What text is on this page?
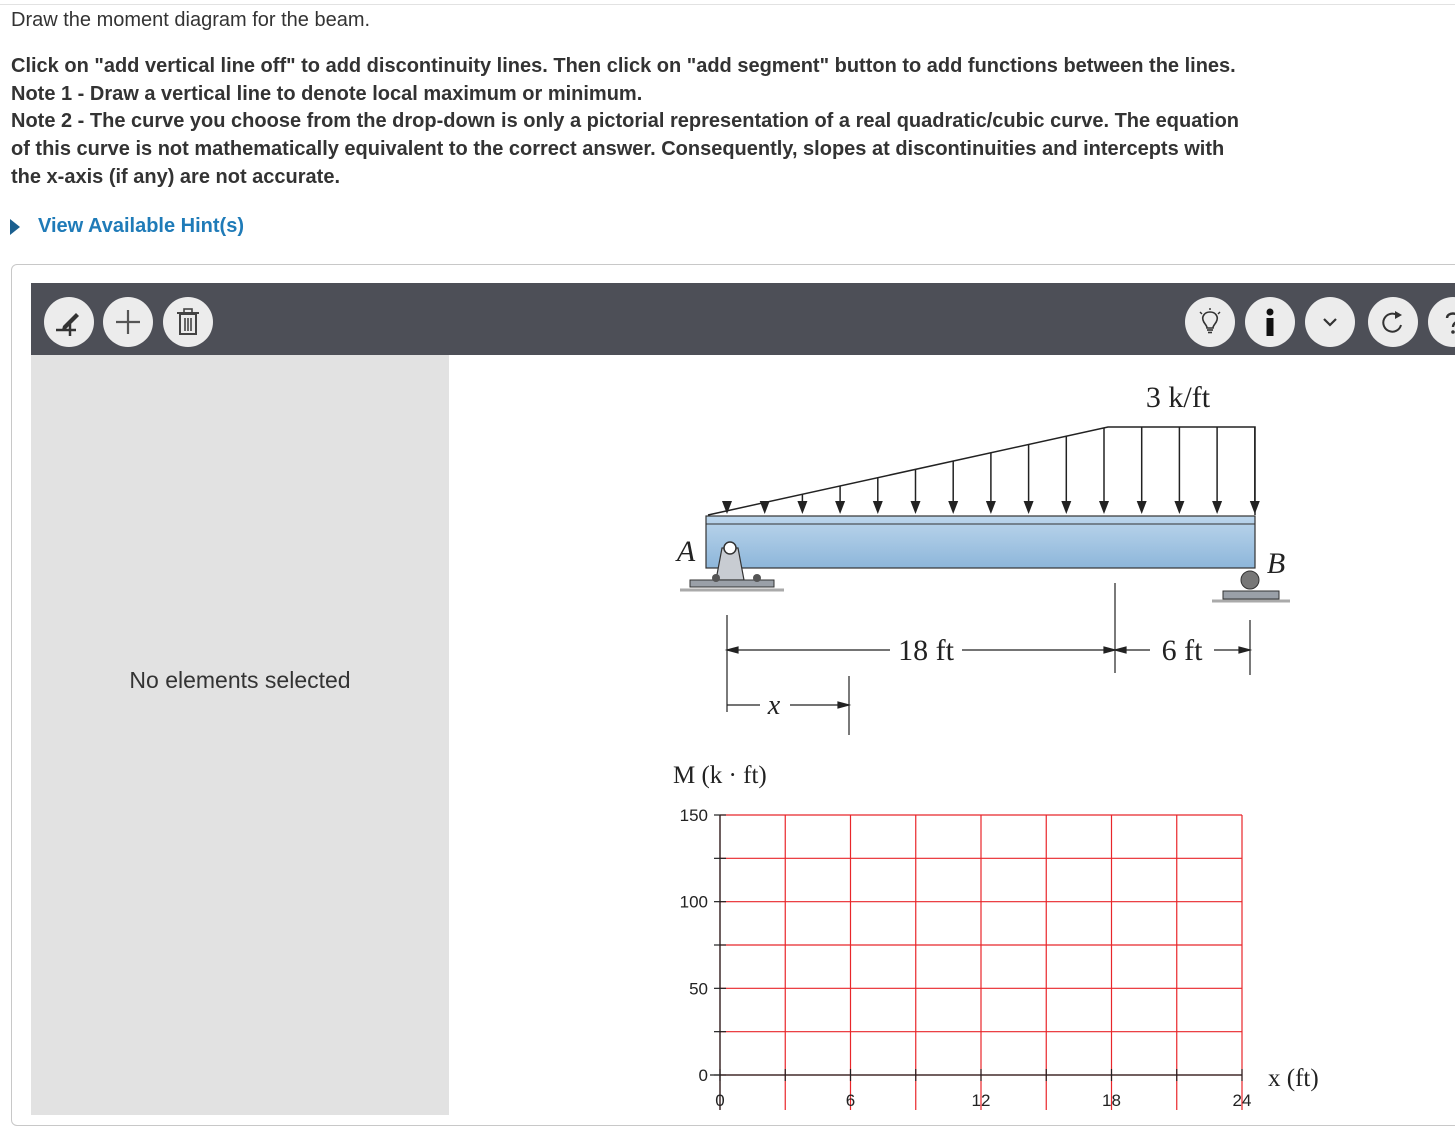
Draw the moment diagram for the beam.
Click on "add vertical line off" to add discontinuity lines. Then click on "add segment" button to add functions between the lines.
Note 1 - Draw a vertical line to denote local maximum or minimum.
Note 2 - The curve you choose from the drop-down is only a pictorial representation of a real quadratic/cubic curve. The equation
of this curve is not mathematically equivalent to the correct answer. Consequently, slopes at discontinuities and intercepts with
the x-axis (if any) are not accurate.
View Available Hint(s)
No elements selected
3 k/ft
A	B
18 ft	6 ft
x
M (k · ft)
x (ft)
0
50
100
150
0	6	12	18	24
